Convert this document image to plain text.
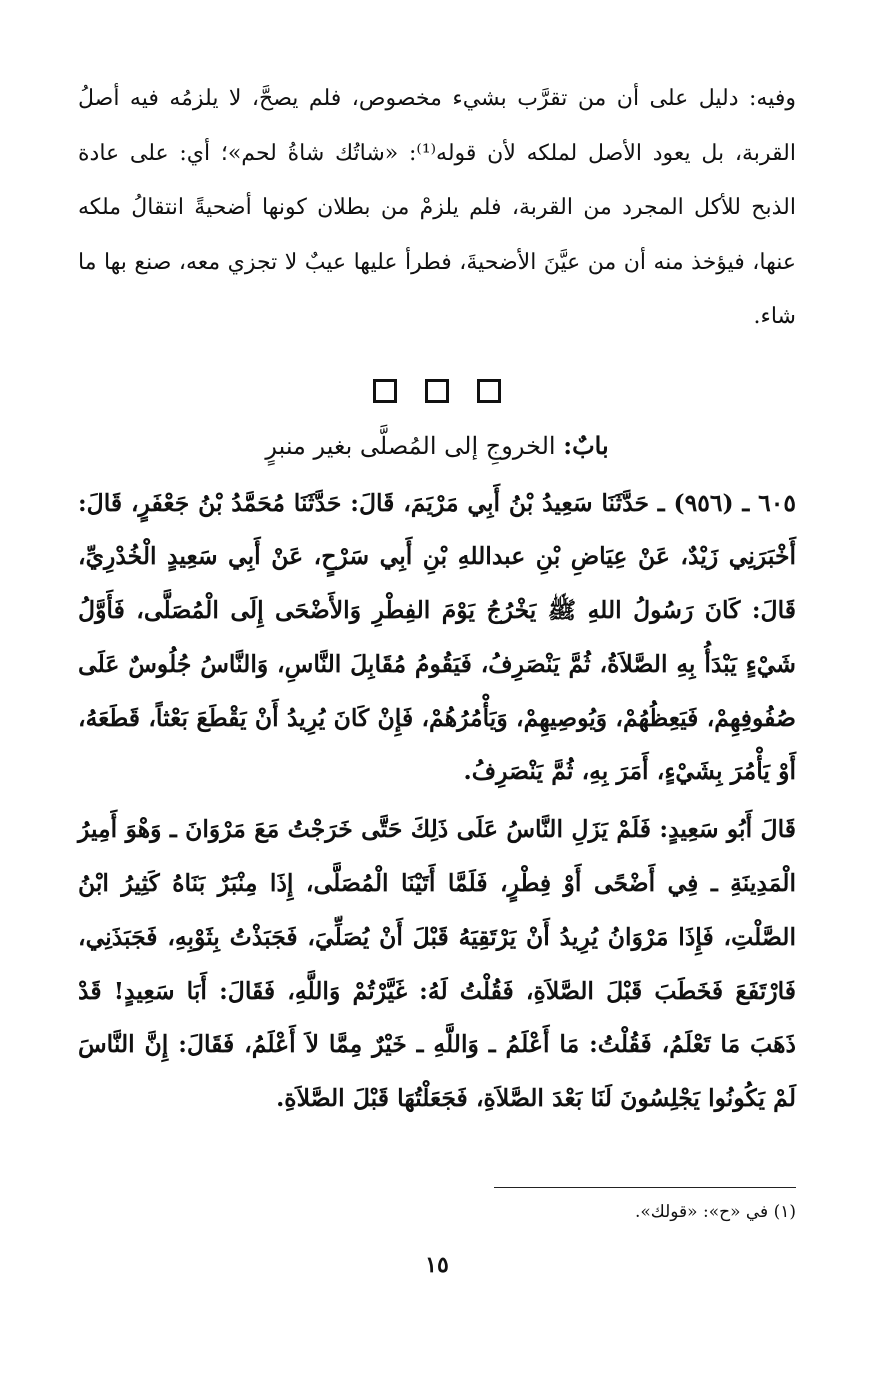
وفيه: دليل على أن من تقرَّب بشيء مخصوص، فلم يصحَّ، لا يلزمُه فيه أصلُ القربة، بل يعود الأصل لملكه لأن قوله⁽¹⁾: «شاتُك شاةُ لحم»؛ أي: على عادة الذبح للأكل المجرد من القربة، فلم يلزمْ من بطلان كونها أضحيةً انتقالُ ملكه عنها، فيؤخذ منه أن من عيَّنَ الأضحيةَ، فطرأ عليها عيبٌ لا تجزي معه، صنع بها ما شاء.

بابٌ: الخروجِ إلى المُصلَّى بغير منبرٍ

٦٠٥ ـ (٩٥٦) ـ حَدَّثَنَا سَعِيدُ بْنُ أَبِي مَرْيَمَ، قَالَ: حَدَّثَنَا مُحَمَّدُ بْنُ جَعْفَرٍ، قَالَ: أَخْبَرَنِي زَيْدٌ، عَنْ عِيَاضِ بْنِ عبداللهِ بْنِ أَبِي سَرْحٍ، عَنْ أَبِي سَعِيدٍ الْخُدْرِيِّ، قَالَ: كَانَ رَسُولُ اللهِ ﷺ يَخْرُجُ يَوْمَ الفِطْرِ وَالأَضْحَى إِلَى الْمُصَلَّى، فَأَوَّلُ شَيْءٍ يَبْدَأُ بِهِ الصَّلاَةُ، ثُمَّ يَنْصَرِفُ، فَيَقُومُ مُقَابِلَ النَّاسِ، وَالنَّاسُ جُلُوسٌ عَلَى صُفُوفِهِمْ، فَيَعِظُهُمْ، وَيُوصِيهِمْ، وَيَأْمُرُهُمْ، فَإِنْ كَانَ يُرِيدُ أَنْ يَقْطَعَ بَعْثاً، قَطَعَهُ، أَوْ يَأْمُرَ بِشَيْءٍ، أَمَرَ بِهِ، ثُمَّ يَنْصَرِفُ.

قَالَ أَبُو سَعِيدٍ: فَلَمْ يَزَلِ النَّاسُ عَلَى ذَلِكَ حَتَّى خَرَجْتُ مَعَ مَرْوَانَ ـ وَهْوَ أَمِيرُ الْمَدِينَةِ ـ فِي أَضْحًى أَوْ فِطْرٍ، فَلَمَّا أَتَيْنَا الْمُصَلَّى، إِذَا مِنْبَرٌ بَنَاهُ كَثِيرُ ابْنُ الصَّلْتِ، فَإِذَا مَرْوَانُ يُرِيدُ أَنْ يَرْتَقِيَهُ قَبْلَ أَنْ يُصَلِّيَ، فَجَبَذْتُ بِثَوْبِهِ، فَجَبَذَنِي، فَارْتَفَعَ فَخَطَبَ قَبْلَ الصَّلاَةِ، فَقُلْتُ لَهُ: غَيَّرْتُمْ وَاللَّهِ، فَقَالَ: أَبَا سَعِيدٍ! قَدْ ذَهَبَ مَا تَعْلَمُ، فَقُلْتُ: مَا أَعْلَمُ ـ وَاللَّهِ ـ خَيْرٌ مِمَّا لاَ أَعْلَمُ، فَقَالَ: إِنَّ النَّاسَ لَمْ يَكُونُوا يَجْلِسُونَ لَنَا بَعْدَ الصَّلاَةِ، فَجَعَلْتُهَا قَبْلَ الصَّلاَةِ.

(١) في «ح»: «قولك».

١٥
